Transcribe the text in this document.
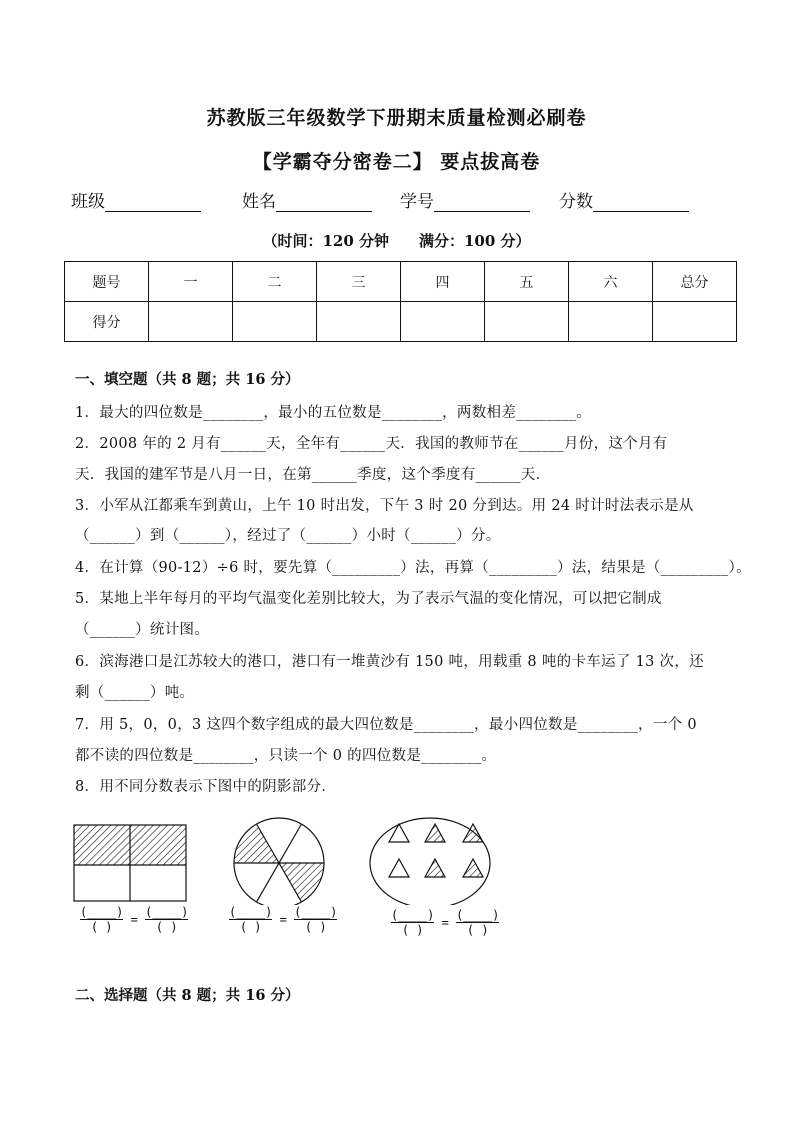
苏教版三年级数学下册期末质量检测必刷卷
【学霸夺分密卷二】 要点拔高卷
班级	姓名	学号	分数
（时间：120 分钟　　满分：100 分）
题号	一	二	三	四	五	六	总分
得分							
一、填空题（共 8 题；共 16 分）
1．最大的四位数是________，最小的五位数是________，两数相差________。
2．2008 年的 2 月有______天，全年有______天．我国的教师节在______月份，这个月有
天．我国的建军节是八月一日，在第______季度，这个季度有______天．
3．小军从江都乘车到黄山，上午 10 时出发，下午 3 时 20 分到达。用 24 时计时法表示是从
（______）到（______），经过了（______）小时（______）分。
4．在计算（90-12）÷6 时，要先算（_________）法，再算（_________）法，结果是（_________）。
5．某地上半年每月的平均气温变化差别比较大，为了表示气温的变化情况，可以把它制成
（______）统计图。
6．滨海港口是江苏较大的港口，港口有一堆黄沙有 150 吨，用载重 8 吨的卡车运了 13 次，还
剩（______）吨。
7．用 5，0，0，3 这四个数字组成的最大四位数是________，最小四位数是________，一个 0
都不读的四位数是________，只读一个 0 的四位数是________。
8．用不同分数表示下图中的阴影部分．
(____)
( )
=
(____)
( )
(____)
( )
=
(____)
( )
(____)
( )
=
(____)
( )
二、选择题（共 8 题；共 16 分）
